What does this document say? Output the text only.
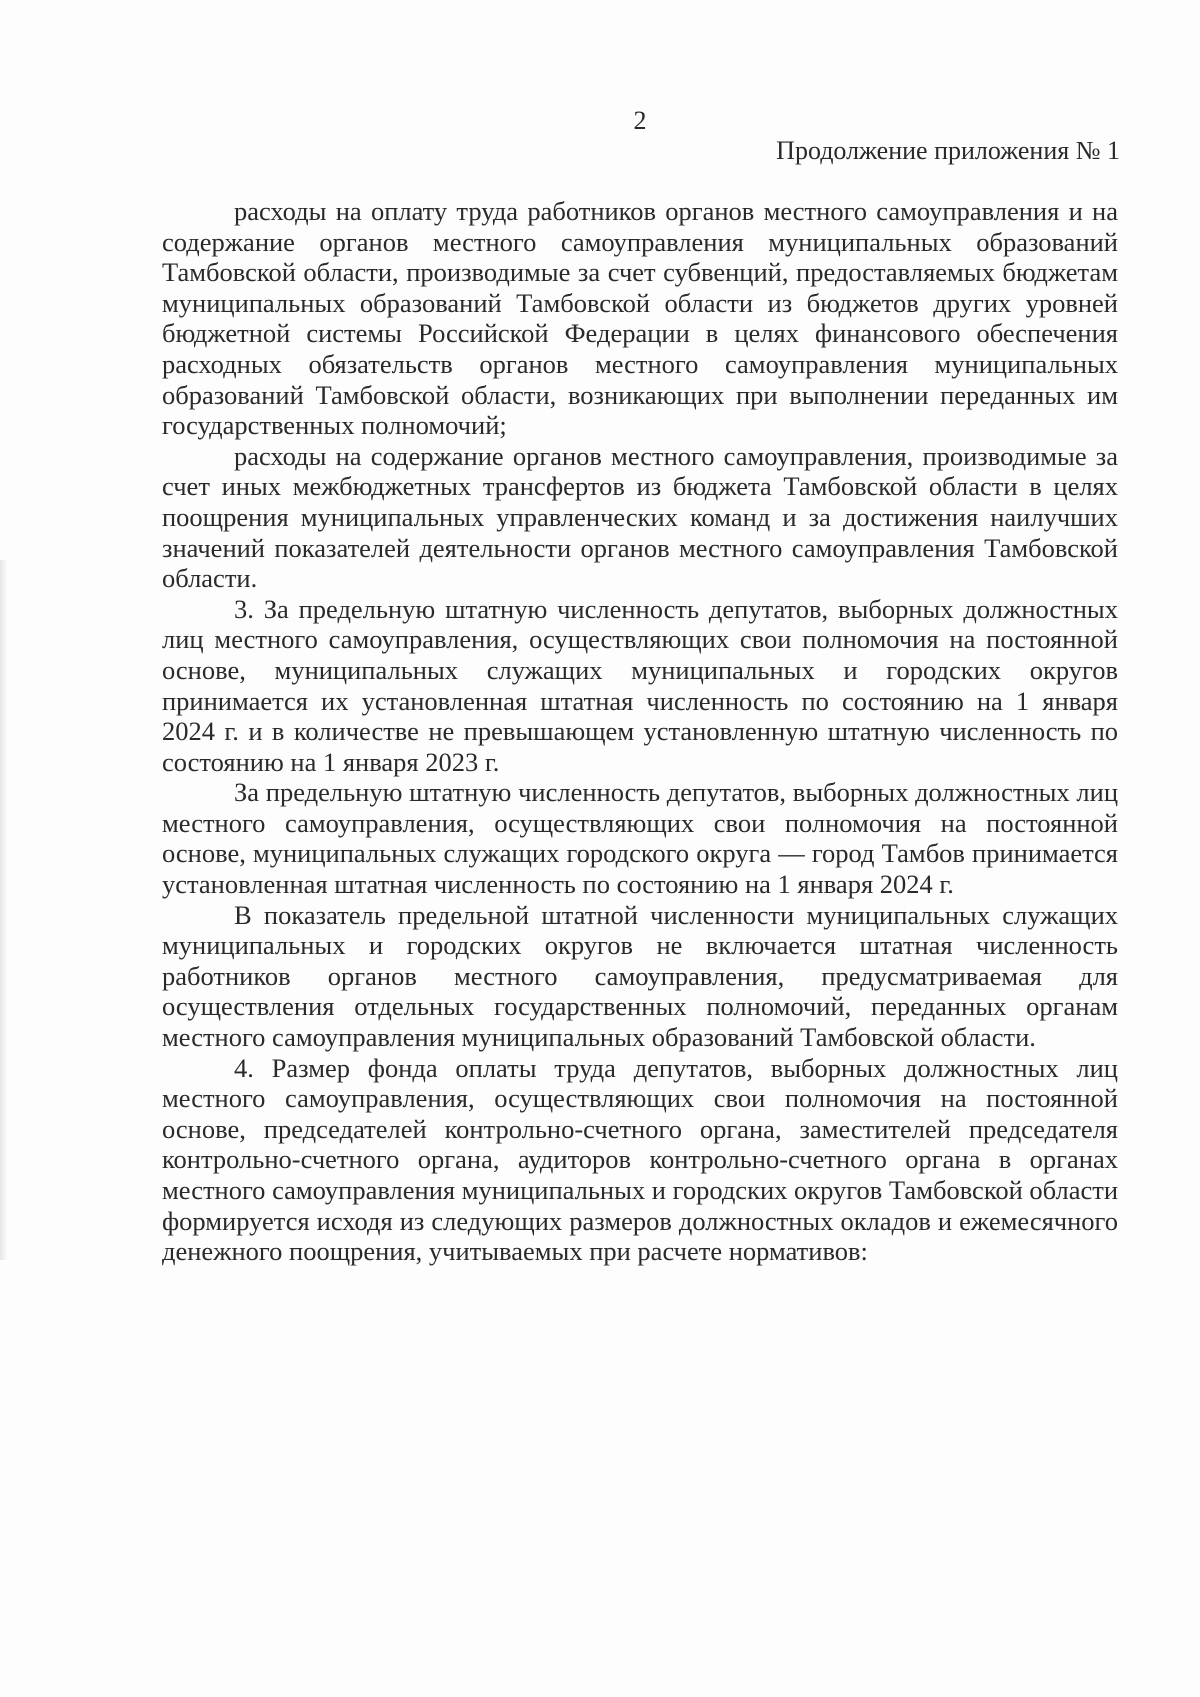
2

Продолжение приложения № 1

расходы на оплату труда работников органов местного самоуправления и на содержание органов местного самоуправления муниципальных образований Тамбовской области, производимые за счет субвенций, предоставляемых бюджетам муниципальных образований Тамбовской области из бюджетов других уровней бюджетной системы Российской Федерации в целях финансового обеспечения расходных обязательств органов местного самоуправления муниципальных образований Тамбовской области, возникающих при выполнении переданных им государственных полномочий;

расходы на содержание органов местного самоуправления, производимые за счет иных межбюджетных трансфертов из бюджета Тамбовской области в целях поощрения муниципальных управленческих команд и за достижения наилучших значений показателей деятельности органов местного самоуправления Тамбовской области.

3. За предельную штатную численность депутатов, выборных должностных лиц местного самоуправления, осуществляющих свои полномочия на постоянной основе, муниципальных служащих муниципальных и городских округов принимается их установленная штатная численность по состоянию на 1 января 2024 г. и в количестве не превышающем установленную штатную численность по состоянию на 1 января 2023 г.

За предельную штатную численность депутатов, выборных должностных лиц местного самоуправления, осуществляющих свои полномочия на постоянной основе, муниципальных служащих городского округа — город Тамбов принимается установленная штатная численность по состоянию на 1 января 2024 г.

В показатель предельной штатной численности муниципальных служащих муниципальных и городских округов не включается штатная численность работников органов местного самоуправления, предусматриваемая для осуществления отдельных государственных полномочий, переданных органам местного самоуправления муниципальных образований Тамбовской области.

4. Размер фонда оплаты труда депутатов, выборных должностных лиц местного самоуправления, осуществляющих свои полномочия на постоянной основе, председателей контрольно-счетного органа, заместителей председателя контрольно-счетного органа, аудиторов контрольно-счетного органа в органах местного самоуправления муниципальных и городских округов Тамбовской области формируется исходя из следующих размеров должностных окладов и ежемесячного денежного поощрения, учитываемых при расчете нормативов:
